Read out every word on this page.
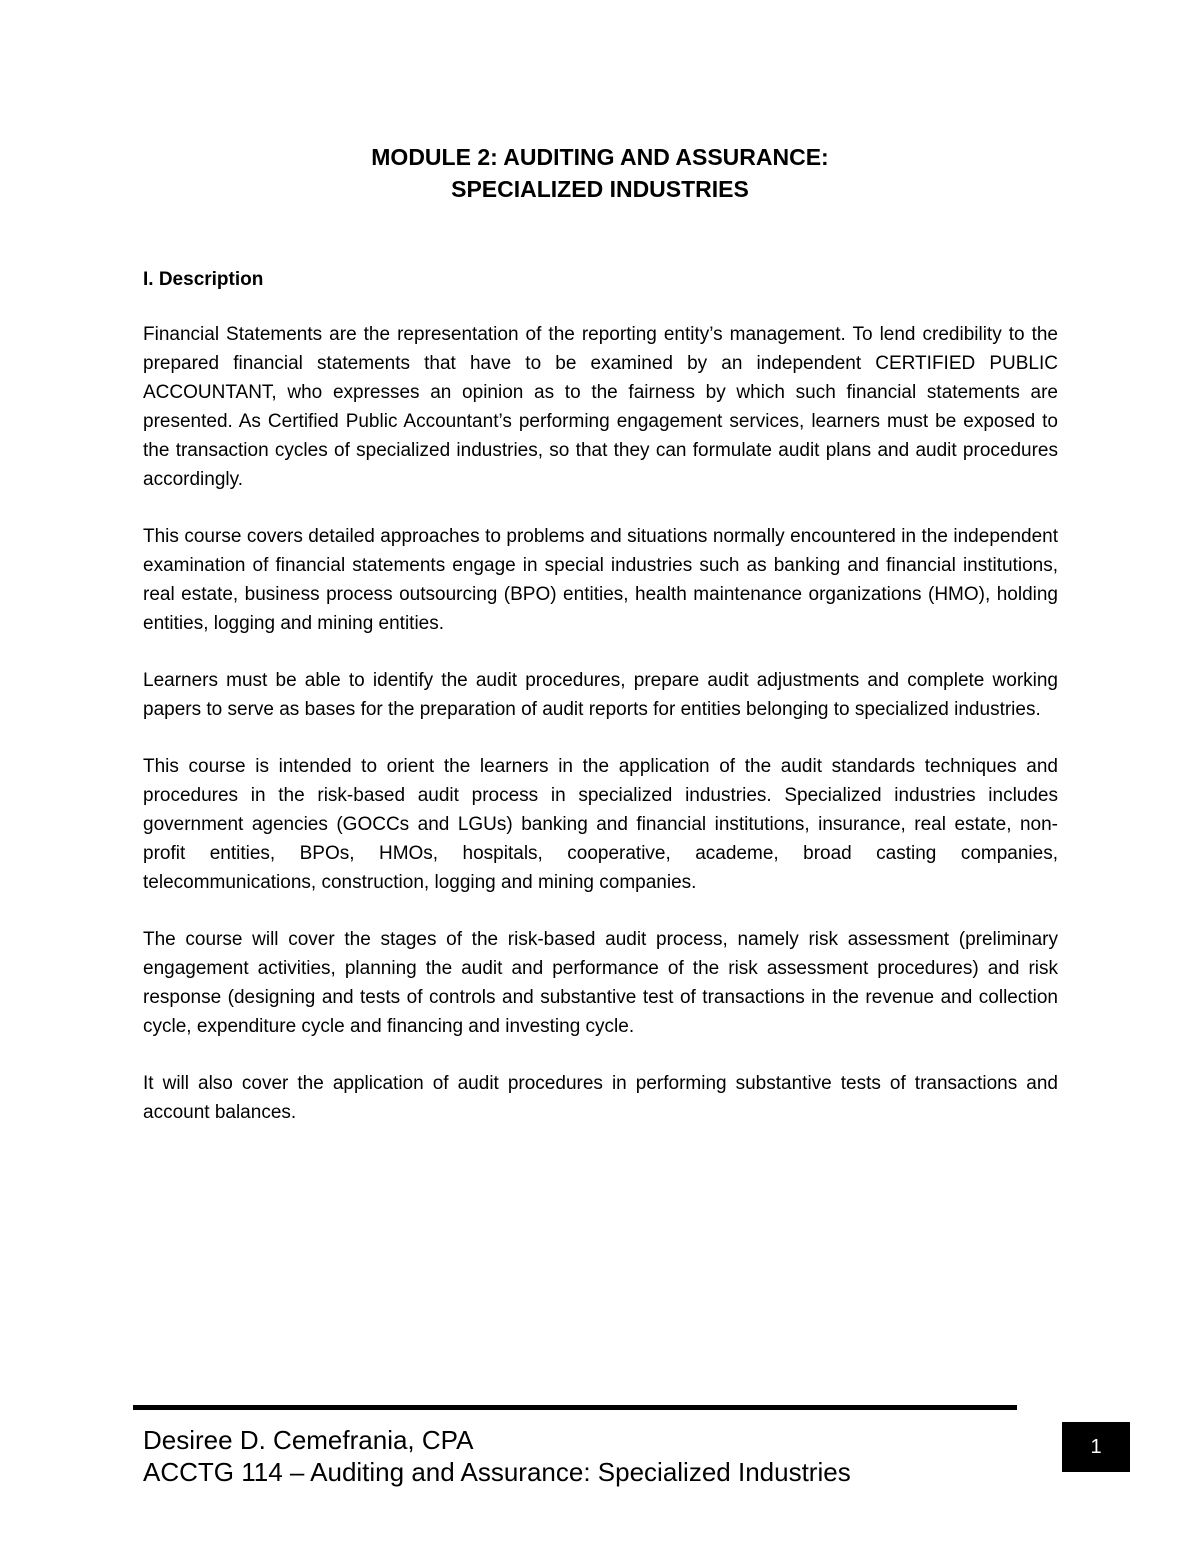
MODULE 2: AUDITING AND ASSURANCE:
SPECIALIZED INDUSTRIES
I. Description

Financial Statements are the representation of the reporting entity’s management. To lend credibility to the prepared financial statements that have to be examined by an independent CERTIFIED PUBLIC ACCOUNTANT, who expresses an opinion as to the fairness by which such financial statements are presented. As Certified Public Accountant’s performing engagement services, learners must be exposed to the transaction cycles of specialized industries, so that they can formulate audit plans and audit procedures accordingly.

This course covers detailed approaches to problems and situations normally encountered in the independent examination of financial statements engage in special industries such as banking and financial institutions, real estate, business process outsourcing (BPO) entities, health maintenance organizations (HMO), holding entities, logging and mining entities.

Learners must be able to identify the audit procedures, prepare audit adjustments and complete working papers to serve as bases for the preparation of audit reports for entities belonging to specialized industries.

This course is intended to orient the learners in the application of the audit standards techniques and procedures in the risk-based audit process in specialized industries. Specialized industries includes government agencies (GOCCs and LGUs) banking and financial institutions, insurance, real estate, non-profit entities, BPOs, HMOs, hospitals, cooperative, academe, broad casting companies, telecommunications, construction, logging and mining companies.

The course will cover the stages of the risk-based audit process, namely risk assessment (preliminary engagement activities, planning the audit and performance of the risk assessment procedures) and risk response (designing and tests of controls and substantive test of transactions in the revenue and collection cycle, expenditure cycle and financing and investing cycle.

It will also cover the application of audit procedures in performing substantive tests of transactions and account balances.

Desiree D. Cemefrania, CPA
ACCTG 114 – Auditing and Assurance: Specialized Industries
1
